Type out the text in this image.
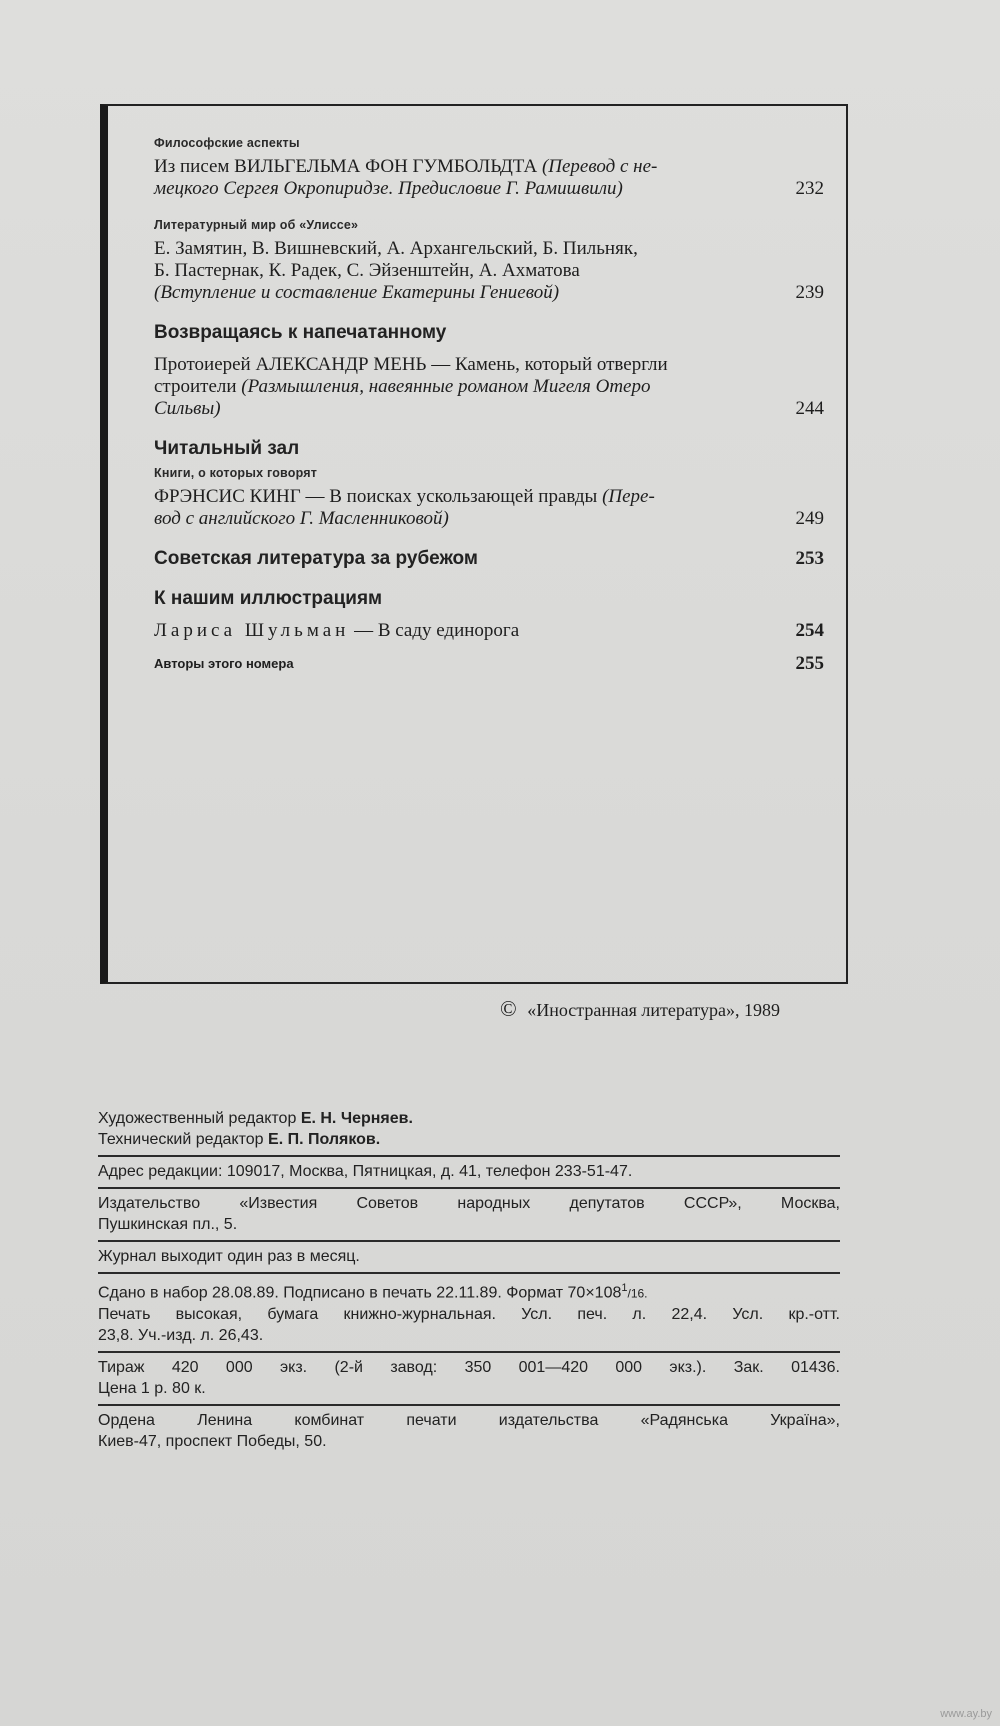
Философские аспекты
Из писем ВИЛЬГЕЛЬМА ФОН ГУМБОЛЬДТА (Перевод с не-
мецкого Сергея Окропиридзе. Предисловие Г. Рамишвили)	232
Литературный мир об «Улиссе»
Е. Замятин, В. Вишневский, А. Архангельский, Б. Пильняк,
Б. Пастернак, К. Радек, С. Эйзенштейн, А. Ахматова
(Вступление и составление Екатерины Гениевой)	239
Возвращаясь к напечатанному
Протоиерей АЛЕКСАНДР МЕНЬ — Камень, который отвергли
строители (Размышления, навеянные романом Мигеля Отеро
Сильвы)	244
Читальный зал
Книги, о которых говорят
ФРЭНСИС КИНГ — В поисках ускользающей правды (Пере-
вод с английского Г. Масленниковой)	249
Советская литература за рубежом	253
К нашим иллюстрациям
Лариса Шульман — В саду единорога	254
Авторы этого номера	255
© «Иностранная литература», 1989
Художественный редактор Е. Н. Черняев.
Технический редактор Е. П. Поляков.
Адрес редакции: 109017, Москва, Пятницкая, д. 41, телефон 233-51-47.
Издательство «Известия Советов народных депутатов СССР», Москва,
Пушкинская пл., 5.
Журнал выходит один раз в месяц.
Сдано в набор 28.08.89. Подписано в печать 22.11.89. Формат $70\times 108^1/16$.
Печать высокая, бумага книжно-журнальная. Усл. печ. л. 22,4. Усл. кр.-отт.
23,8. Уч.-изд. л. 26,43.
Тираж 420 000 экз. (2-й завод: 350 001—420 000 экз.). Зак. 01436.
Цена 1 р. 80 к.
Ордена Ленина комбинат печати издательства «Радянська Україна»,
Киев-47, проспект Победы, 50.
www.ay.by
